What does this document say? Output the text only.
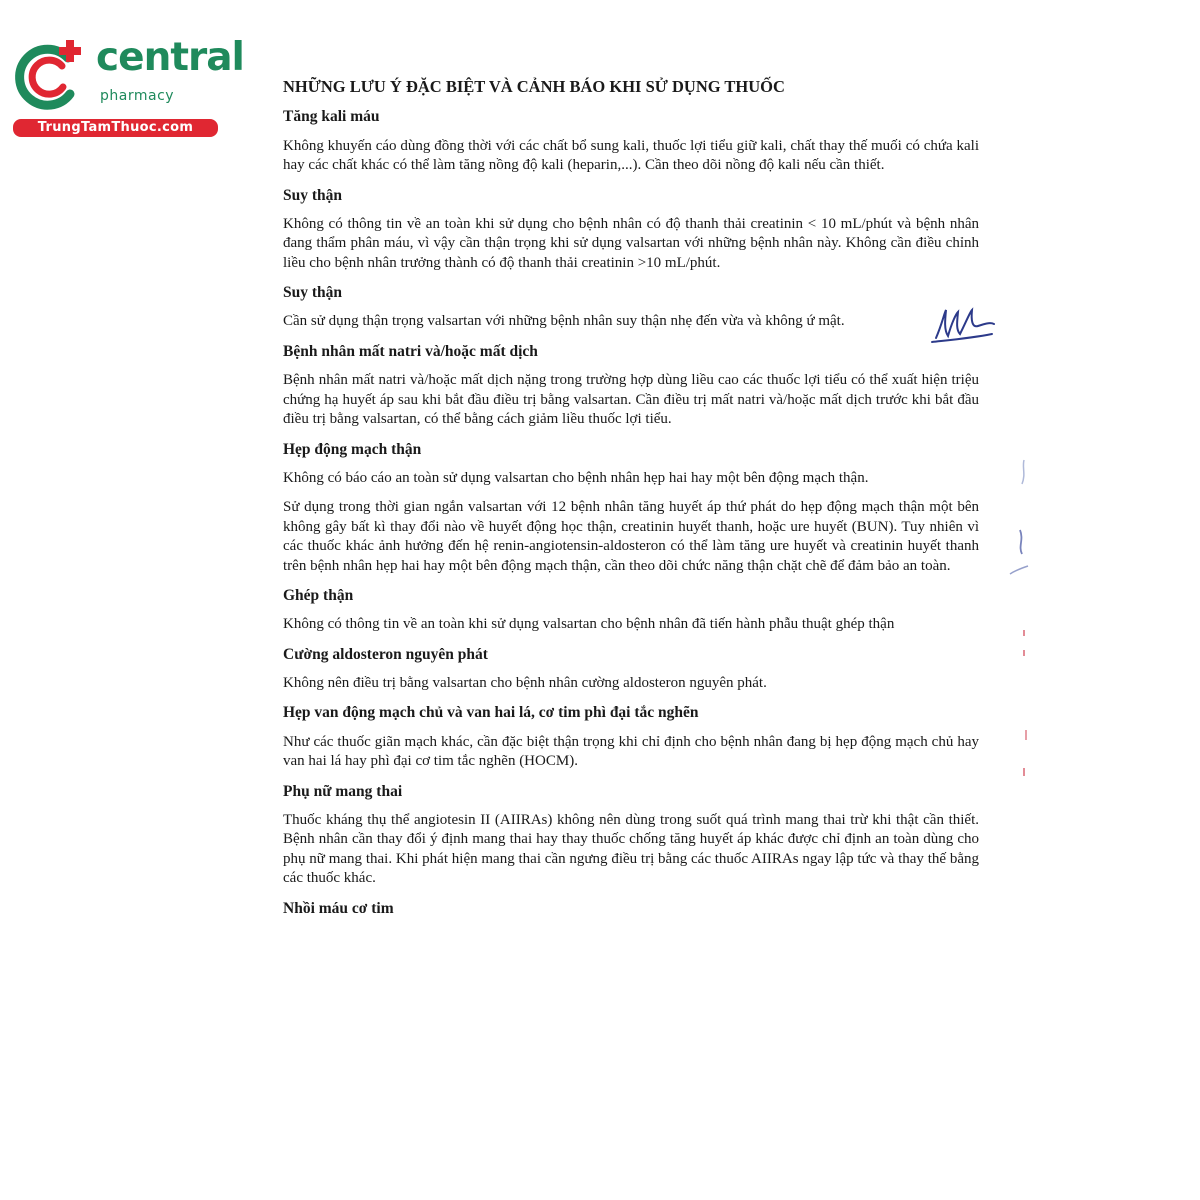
central
pharmacy
TrungTamThuoc.com
NHỮNG LƯU Ý ĐẶC BIỆT VÀ CẢNH BÁO KHI SỬ DỤNG THUỐC
Tăng kali máu

Không khuyến cáo dùng đồng thời với các chất bổ sung kali, thuốc lợi tiểu giữ kali, chất thay thế muối có chứa kali hay các chất khác có thể làm tăng nồng độ kali (heparin,...). Cần theo dõi nồng độ kali nếu cần thiết.

Suy thận

Không có thông tin về an toàn khi sử dụng cho bệnh nhân có độ thanh thải creatinin < 10 mL/phút và bệnh nhân đang thẩm phân máu, vì vậy cần thận trọng khi sử dụng valsartan với những bệnh nhân này. Không cần điều chỉnh liều cho bệnh nhân trưởng thành có độ thanh thải creatinin >10 mL/phút.

Suy thận

Cần sử dụng thận trọng valsartan với những bệnh nhân suy thận nhẹ đến vừa và không ứ mật.

Bệnh nhân mất natri và/hoặc mất dịch

Bệnh nhân mất natri và/hoặc mất dịch nặng trong trường hợp dùng liều cao các thuốc lợi tiểu có thể xuất hiện triệu chứng hạ huyết áp sau khi bắt đầu điều trị bằng valsartan. Cần điều trị mất natri và/hoặc mất dịch trước khi bắt đầu điều trị bằng valsartan, có thể bằng cách giảm liều thuốc lợi tiểu.

Hẹp động mạch thận

Không có báo cáo an toàn sử dụng valsartan cho bệnh nhân hẹp hai hay một bên động mạch thận.

Sử dụng trong thời gian ngắn valsartan với 12 bệnh nhân tăng huyết áp thứ phát do hẹp động mạch thận một bên không gây bất kì thay đổi nào về huyết động học thận, creatinin huyết thanh, hoặc ure huyết (BUN). Tuy nhiên vì các thuốc khác ảnh hưởng đến hệ renin-angiotensin-aldosteron có thể làm tăng ure huyết và creatinin huyết thanh trên bệnh nhân hẹp hai hay một bên động mạch thận, cần theo dõi chức năng thận chặt chẽ để đảm bảo an toàn.

Ghép thận

Không có thông tin về an toàn khi sử dụng valsartan cho bệnh nhân đã tiến hành phẫu thuật ghép thận

Cường aldosteron nguyên phát

Không nên điều trị bằng valsartan cho bệnh nhân cường aldosteron nguyên phát.

Hẹp van động mạch chủ và van hai lá, cơ tim phì đại tắc nghẽn

Như các thuốc giãn mạch khác, cần đặc biệt thận trọng khi chỉ định cho bệnh nhân đang bị hẹp động mạch chủ hay van hai lá hay phì đại cơ tim tắc nghẽn (HOCM).

Phụ nữ mang thai

Thuốc kháng thụ thể angiotesin II (AIIRAs) không nên dùng trong suốt quá trình mang thai trừ khi thật cần thiết. Bệnh nhân cần thay đổi ý định mang thai hay thay thuốc chống tăng huyết áp khác được chỉ định an toàn dùng cho phụ nữ mang thai. Khi phát hiện mang thai cần ngưng điều trị bằng các thuốc AIIRAs ngay lập tức và thay thế bằng các thuốc khác.

Nhồi máu cơ tim
